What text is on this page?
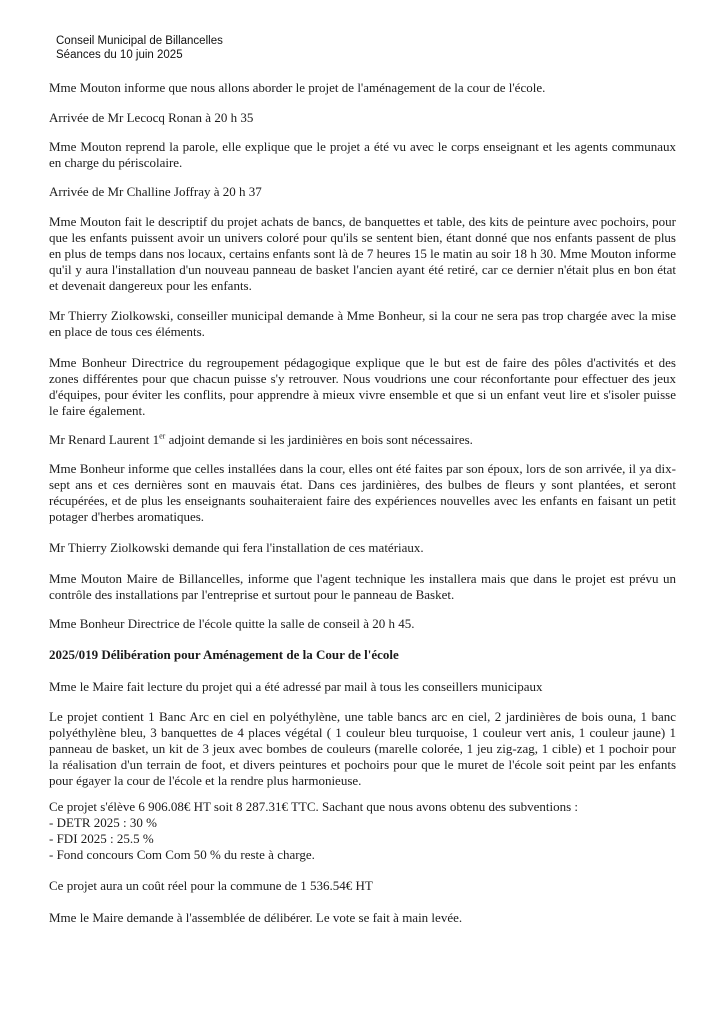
Conseil Municipal de Billancelles
Séances du 10 juin 2025
Mme Mouton informe que nous allons aborder le projet de l'aménagement de la cour de l'école.
Arrivée de Mr Lecocq Ronan à 20 h 35
Mme Mouton reprend la parole, elle explique que le projet a été vu avec le corps enseignant et les agents communaux en charge du périscolaire.
Arrivée de Mr Challine Joffray à 20 h 37
Mme Mouton fait le descriptif du projet achats de bancs, de banquettes et table, des kits de peinture avec pochoirs, pour que les enfants puissent avoir un univers coloré pour qu'ils se sentent bien, étant donné que nos enfants passent de plus en plus de temps dans nos locaux, certains enfants sont là de 7 heures 15 le matin au soir 18 h 30. Mme Mouton informe qu'il y aura l'installation d'un nouveau panneau de basket l'ancien ayant été retiré, car ce dernier n'était plus en bon état et devenait dangereux pour les enfants.
Mr Thierry Ziolkowski, conseiller municipal demande à Mme Bonheur, si la cour ne sera pas trop chargée avec la mise en place de tous ces éléments.
Mme Bonheur Directrice du regroupement pédagogique explique que le but est de faire des pôles d'activités et des zones différentes pour que chacun puisse s'y retrouver. Nous voudrions une cour réconfortante pour effectuer des jeux d'équipes, pour éviter les conflits, pour apprendre à mieux vivre ensemble et que si un enfant veut lire et s'isoler puisse le faire également.
Mr Renard Laurent 1er adjoint demande si les jardinières en bois sont nécessaires.
Mme Bonheur informe que celles installées dans la cour, elles ont été faites par son époux, lors de son arrivée, il ya dix-sept ans et ces dernières sont en mauvais état. Dans ces jardinières, des bulbes de fleurs y sont plantées, et seront récupérées, et de plus les enseignants souhaiteraient faire des expériences nouvelles avec les enfants en faisant un petit potager d'herbes aromatiques.
Mr Thierry Ziolkowski demande qui fera l'installation de ces matériaux.
Mme Mouton Maire de Billancelles, informe que l'agent technique les installera mais que dans le projet est prévu un contrôle des installations par l'entreprise et surtout pour le panneau de Basket.
Mme Bonheur Directrice de l'école quitte la salle de conseil à 20 h 45.
2025/019 Délibération pour Aménagement de la Cour de l'école
Mme le Maire fait lecture du projet qui a été adressé par mail à tous les conseillers municipaux
Le projet contient 1 Banc Arc en ciel en polyéthylène, une table bancs arc en ciel, 2 jardinières de bois ouna, 1 banc polyéthylène bleu, 3 banquettes de 4 places végétal ( 1 couleur bleu turquoise, 1 couleur vert anis, 1 couleur jaune) 1 panneau de basket, un kit de 3 jeux avec bombes de couleurs (marelle colorée, 1 jeu zig-zag, 1 cible) et 1 pochoir pour la réalisation d'un terrain de foot, et divers peintures et pochoirs pour que le muret de l'école soit peint par les enfants pour égayer la cour de l'école et la rendre plus harmonieuse.
Ce projet s'élève 6 906.08€ HT soit 8 287.31€ TTC. Sachant que nous avons obtenu des subventions :
- DETR 2025 : 30 %
- FDI 2025 : 25.5 %
- Fond concours Com Com 50 % du reste à charge.
Ce projet aura un coût réel pour la commune de 1 536.54€ HT
Mme le Maire demande à l'assemblée de délibérer. Le vote se fait à main levée.
